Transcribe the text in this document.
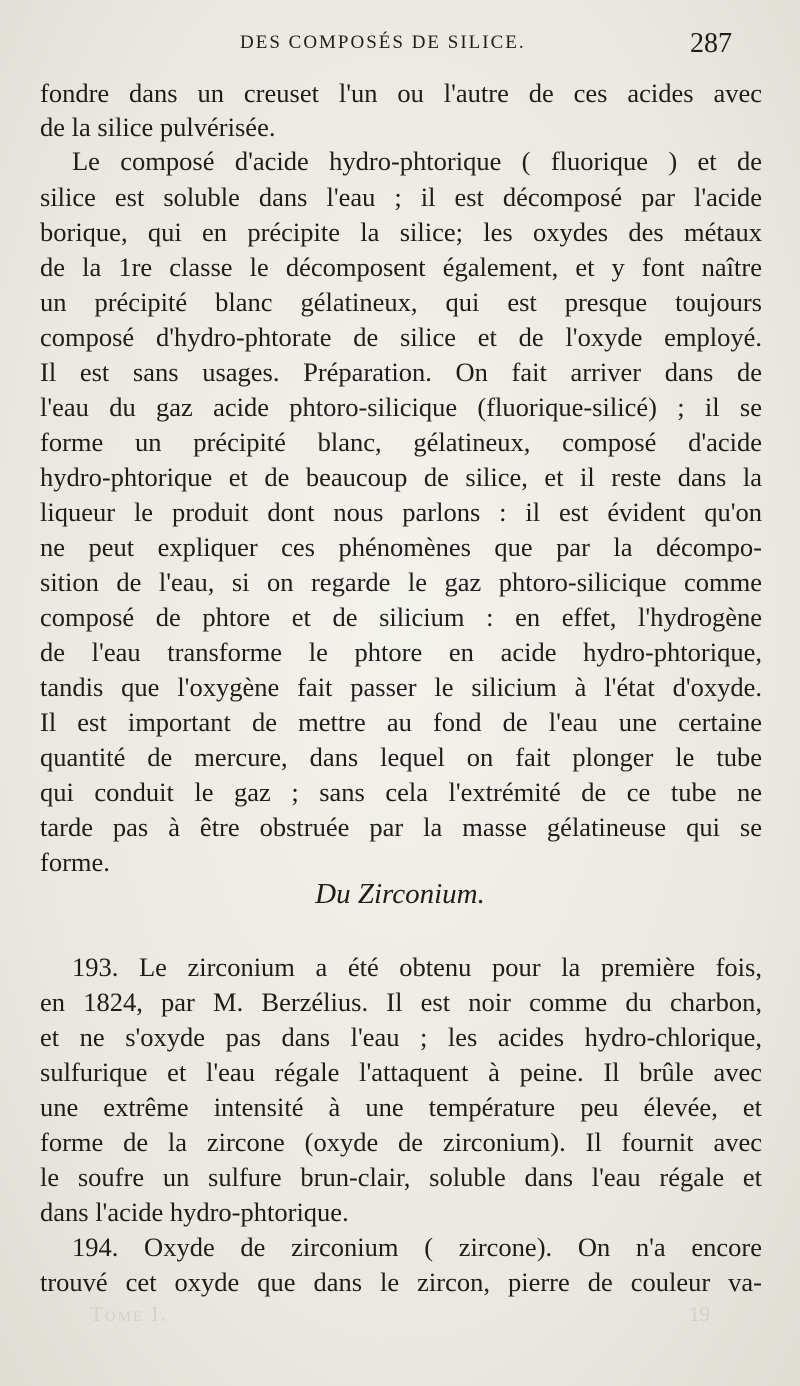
DES COMPOSÉS DE SILICE.	287
fondre dans un creuset l'un ou l'autre de ces acides avec
de la silice pulvérisée.
Le composé d'acide hydro-phtorique ( fluorique ) et de
silice est soluble dans l'eau ; il est décomposé par l'acide
borique, qui en précipite la silice; les oxydes des métaux
de la 1re classe le décomposent également, et y font naître
un précipité blanc gélatineux, qui est presque toujours
composé d'hydro-phtorate de silice et de l'oxyde employé.
Il est sans usages. Préparation. On fait arriver dans de
l'eau du gaz acide phtoro-silicique (fluorique-silicé) ; il se
forme un précipité blanc, gélatineux, composé d'acide
hydro-phtorique et de beaucoup de silice, et il reste dans la
liqueur le produit dont nous parlons : il est évident qu'on
ne peut expliquer ces phénomènes que par la décompo-
sition de l'eau, si on regarde le gaz phtoro-silicique comme
composé de phtore et de silicium : en effet, l'hydrogène
de l'eau transforme le phtore en acide hydro-phtorique,
tandis que l'oxygène fait passer le silicium à l'état d'oxyde.
Il est important de mettre au fond de l'eau une certaine
quantité de mercure, dans lequel on fait plonger le tube
qui conduit le gaz ; sans cela l'extrémité de ce tube ne
tarde pas à être obstruée par la masse gélatineuse qui se
forme.
Du Zirconium.
193. Le zirconium a été obtenu pour la première fois,
en 1824, par M. Berzélius. Il est noir comme du charbon,
et ne s'oxyde pas dans l'eau ; les acides hydro-chlorique,
sulfurique et l'eau régale l'attaquent à peine. Il brûle avec
une extrême intensité à une température peu élevée, et
forme de la zircone (oxyde de zirconium). Il fournit avec
le soufre un sulfure brun-clair, soluble dans l'eau régale et
dans l'acide hydro-phtorique.
194. Oxyde de zirconium ( zircone). On n'a encore
trouvé cet oxyde que dans le zircon, pierre de couleur va-
Tome I.	19
